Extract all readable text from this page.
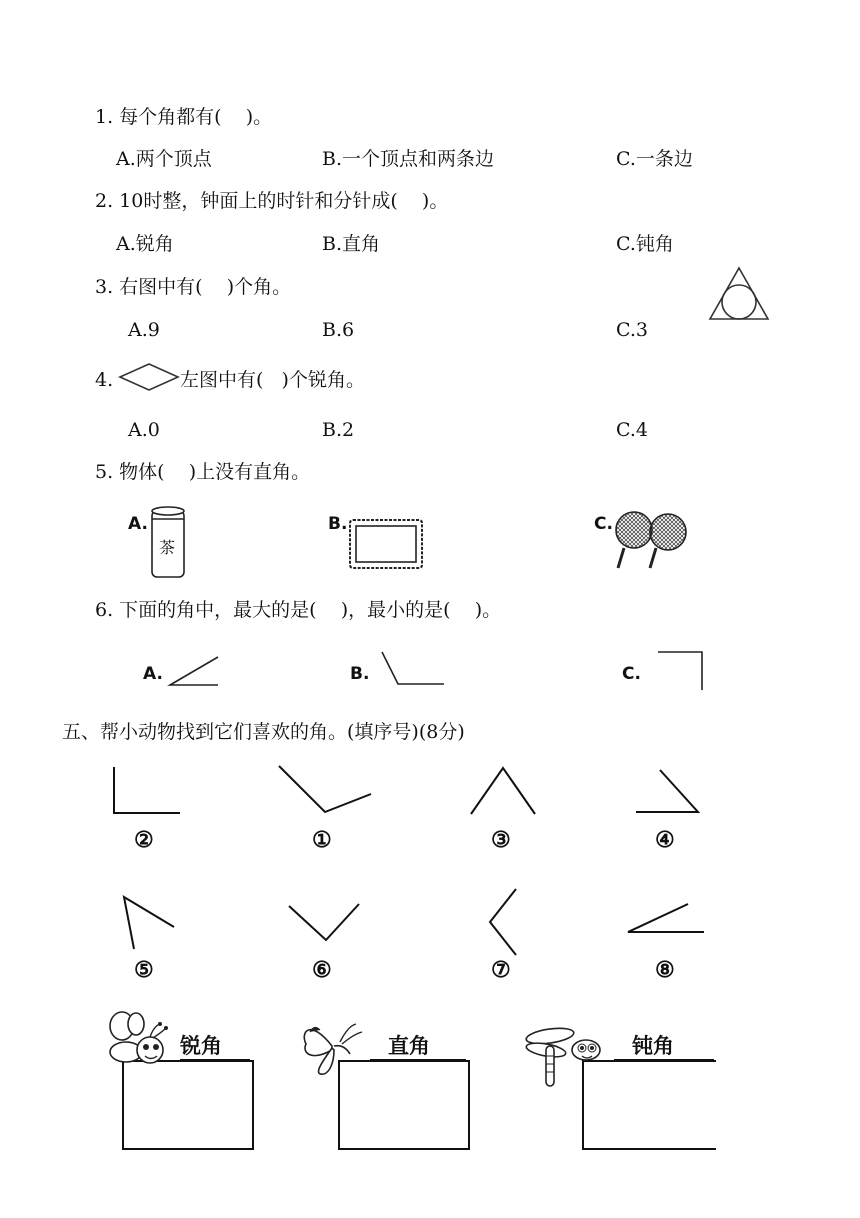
1. 每个角都有(    )。
A.两个顶点	B.一个顶点和两条边	C.一条边
2. 10时整，钟面上的时针和分针成(    )。
A.锐角	B.直角	C.钝角
3. 右图中有(    )个角。
A.9	B.6	C.3
4.	左图中有(   )个锐角。
A.0	B.2	C.4
5. 物体(    )上没有直角。
A.
茶
B.	C.
6. 下面的角中，最大的是(    )，最小的是(    )。
A.	B.	C.
五、帮小动物找到它们喜欢的角。(填序号)(8分)
①
②	③	④
⑤	⑥	⑦	⑧
锐角	直角	钝角
